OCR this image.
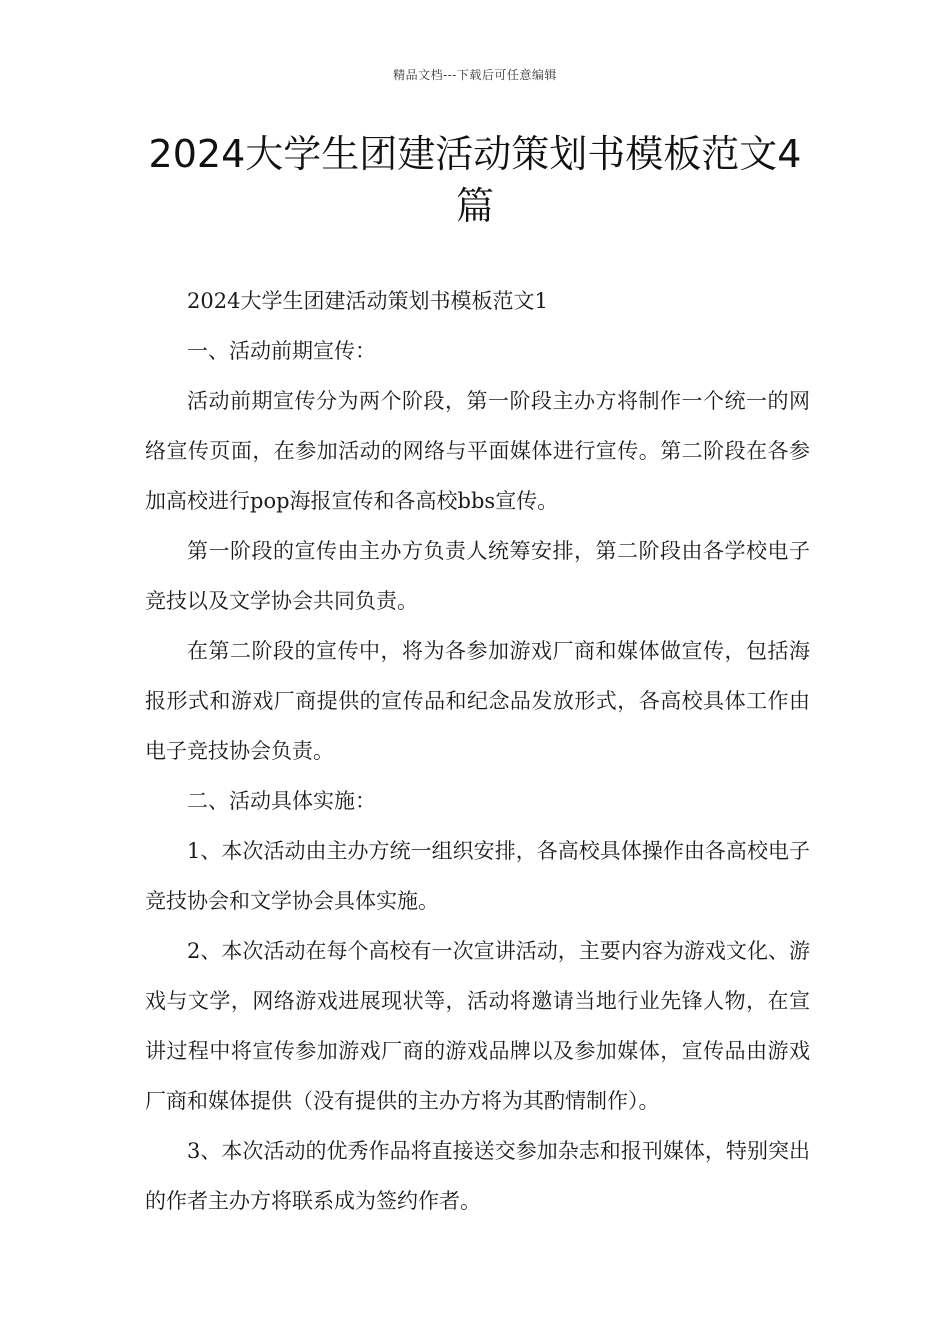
精品文档---下载后可任意编辑
2024大学生团建活动策划书模板范文4篇

2024大学生团建活动策划书模板范文1

一、活动前期宣传：

活动前期宣传分为两个阶段，第一阶段主办方将制作一个统一的网络宣传页面，在参加活动的网络与平面媒体进行宣传。第二阶段在各参加高校进行pop海报宣传和各高校bbs宣传。

第一阶段的宣传由主办方负责人统筹安排，第二阶段由各学校电子竞技以及文学协会共同负责。

在第二阶段的宣传中，将为各参加游戏厂商和媒体做宣传，包括海报形式和游戏厂商提供的宣传品和纪念品发放形式，各高校具体工作由电子竞技协会负责。

二、活动具体实施：

1、本次活动由主办方统一组织安排，各高校具体操作由各高校电子竞技协会和文学协会具体实施。

2、本次活动在每个高校有一次宣讲活动，主要内容为游戏文化、游戏与文学，网络游戏进展现状等，活动将邀请当地行业先锋人物，在宣讲过程中将宣传参加游戏厂商的游戏品牌以及参加媒体，宣传品由游戏厂商和媒体提供（没有提供的主办方将为其酌情制作）。

3、本次活动的优秀作品将直接送交参加杂志和报刊媒体，特别突出的作者主办方将联系成为签约作者。
